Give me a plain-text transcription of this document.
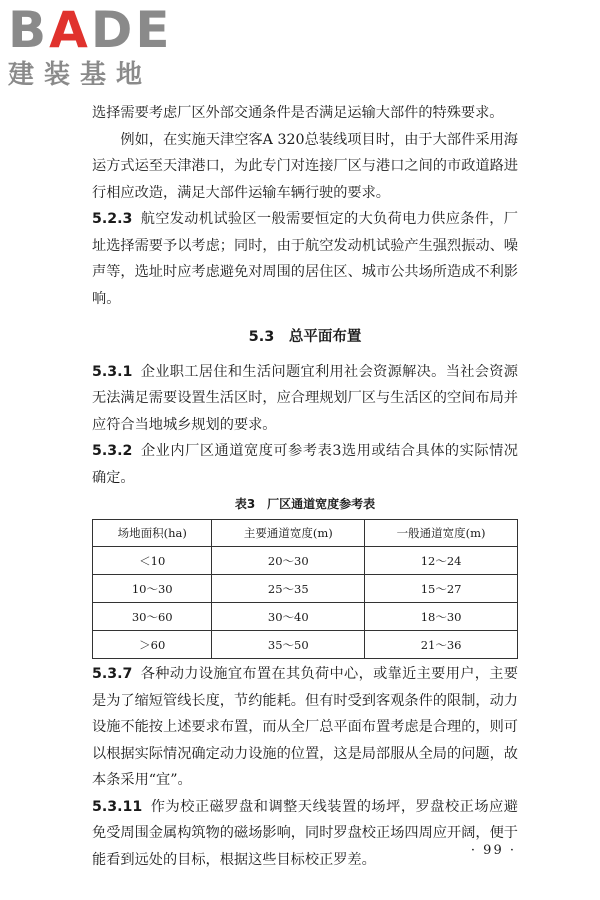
BADE
建装基地

选择需要考虑厂区外部交通条件是否满足运输大部件的特殊要求。

例如，在实施天津空客A 320总装线项目时，由于大部件采用海运方式运至天津港口，为此专门对连接厂区与港口之间的市政道路进行相应改造，满足大部件运输车辆行驶的要求。

5.2.3 航空发动机试验区一般需要恒定的大负荷电力供应条件，厂址选择需要予以考虑；同时，由于航空发动机试验产生强烈振动、噪声等，选址时应考虑避免对周围的居住区、城市公共场所造成不利影响。

5.3　总平面布置

5.3.1 企业职工居住和生活问题宜利用社会资源解决。当社会资源无法满足需要设置生活区时，应合理规划厂区与生活区的空间布局并应符合当地城乡规划的要求。

5.3.2 企业内厂区通道宽度可参考表3选用或结合具体的实际情况确定。

表3　厂区通道宽度参考表
场地面积(ha)	主要通道宽度(m)	一般通道宽度(m)
＜10	20～30	12～24
10～30	25～35	15～27
30～60	30～40	18～30
＞60	35～50	21～36

5.3.7 各种动力设施宜布置在其负荷中心，或靠近主要用户，主要是为了缩短管线长度，节约能耗。但有时受到客观条件的限制，动力设施不能按上述要求布置，而从全厂总平面布置考虑是合理的，则可以根据实际情况确定动力设施的位置，这是局部服从全局的问题，故本条采用“宜”。

5.3.11 作为校正磁罗盘和调整天线装置的场坪，罗盘校正场应避免受周围金属构筑物的磁场影响，同时罗盘校正场四周应开阔，便于能看到远处的目标，根据这些目标校正罗差。

· 99 ·
